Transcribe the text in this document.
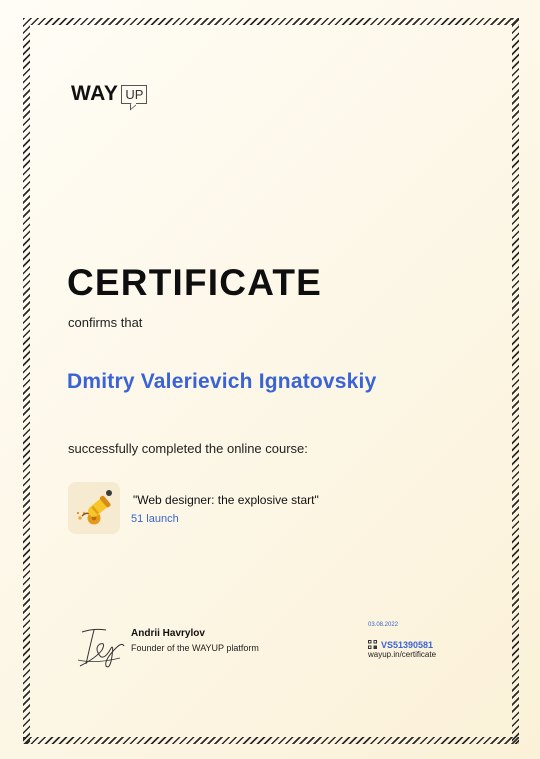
WAY UP
CERTIFICATE
confirms that
Dmitry Valerievich Ignatovskiy
successfully completed the online course:
"Web designer: the explosive start"
51 launch
Andrii Havrylov
Founder of the WAYUP platform
03.08.2022
VS51390581
wayup.in/certificate
